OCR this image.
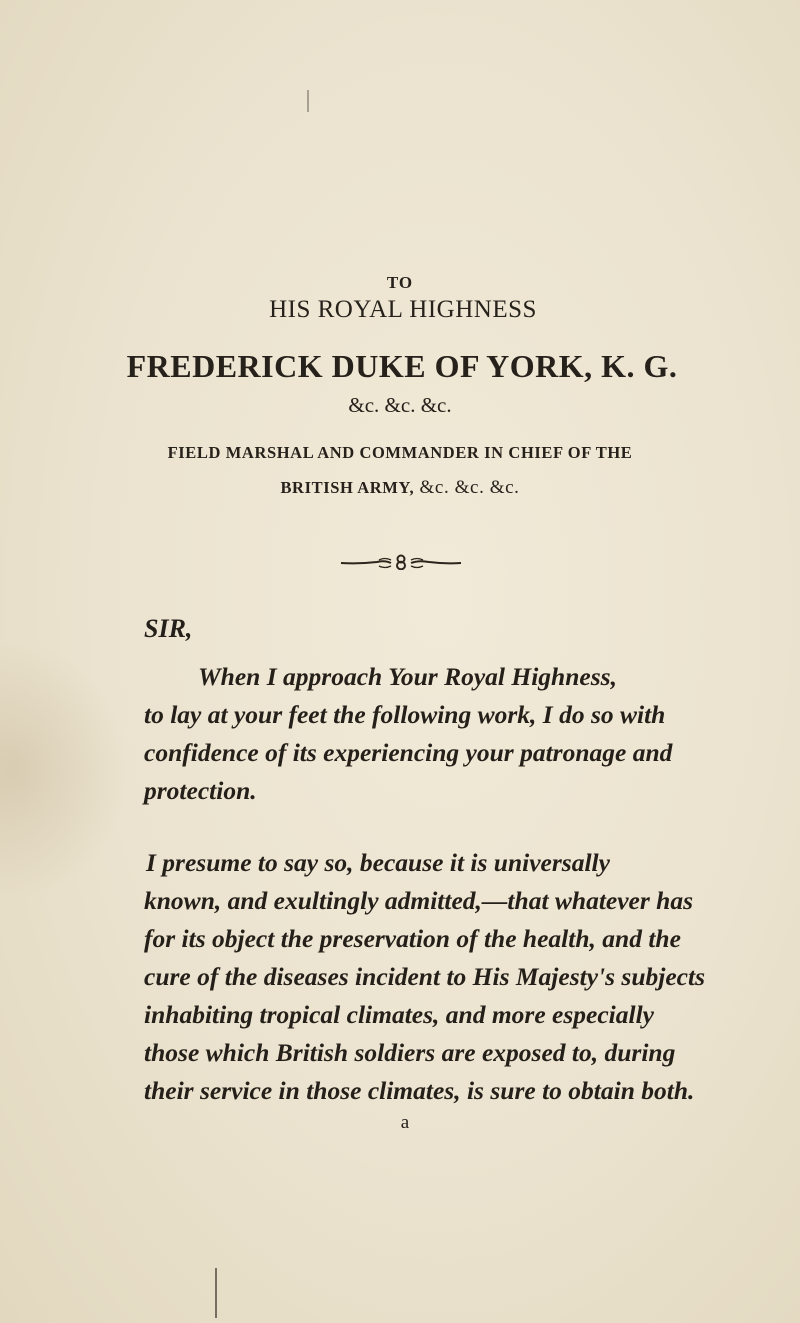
TO

HIS ROYAL HIGHNESS

FREDERICK DUKE OF YORK, K. G.

&c. &c. &c.

FIELD MARSHAL AND COMMANDER IN CHIEF OF THE

BRITISH ARMY, &c. &c. &c.

SIR,

When I approach Your Royal Highness,

to lay at your feet the following work, I do so with

confidence of its experiencing your patronage and

protection.

I presume to say so, because it is universally

known, and exultingly admitted,—that whatever has

for its object the preservation of the health, and the

cure of the diseases incident to His Majesty's subjects

inhabiting tropical climates, and more especially

those which British soldiers are exposed to, during

their service in those climates, is sure to obtain both.

a
